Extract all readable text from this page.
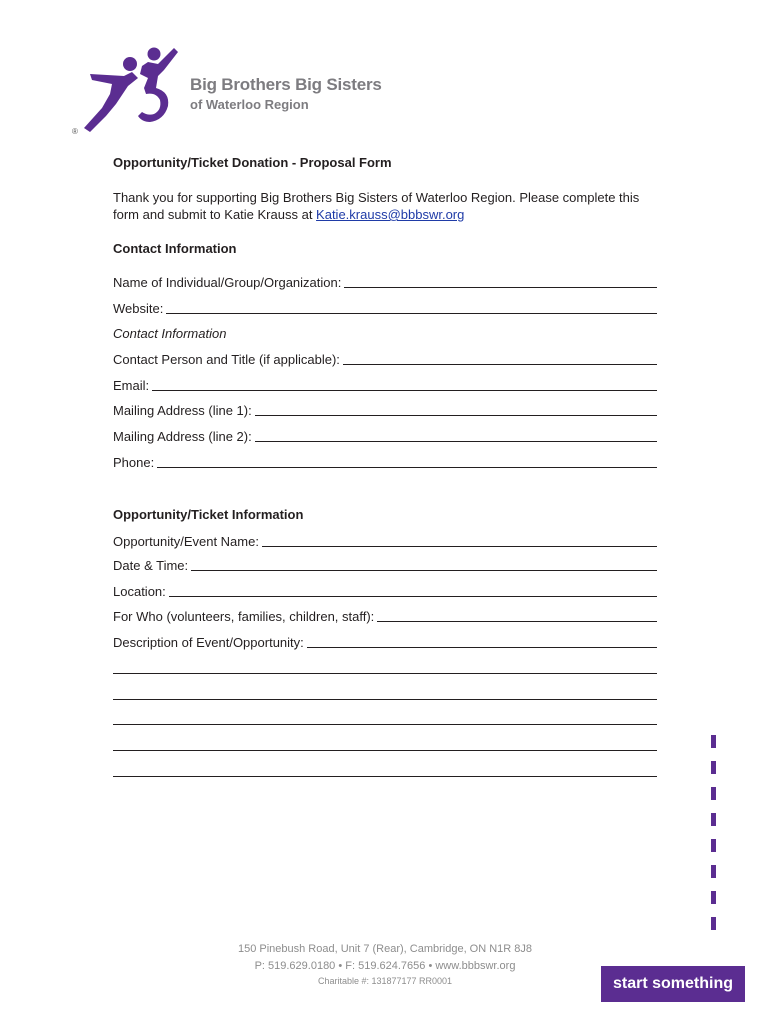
Big Brothers Big Sisters
of Waterloo Region
®
Opportunity/Ticket Donation - Proposal Form
Thank you for supporting Big Brothers Big Sisters of Waterloo Region. Please complete this form and submit to Katie Krauss at Katie.krauss@bbbswr.org
Contact Information
Name of Individual/Group/Organization:
Website:
Contact Information
Contact Person and Title (if applicable):
Email:
Mailing Address (line 1):
Mailing Address (line 2):
Phone:
Opportunity/Ticket Information
Opportunity/Event Name:
Date & Time:
Location:
For Who (volunteers, families, children, staff):
Description of Event/Opportunity:
150 Pinebush Road, Unit 7 (Rear), Cambridge, ON N1R 8J8
P: 519.629.0180 • F: 519.624.7656 • www.bbbswr.org
Charitable #: 131877177 RR0001	start something
